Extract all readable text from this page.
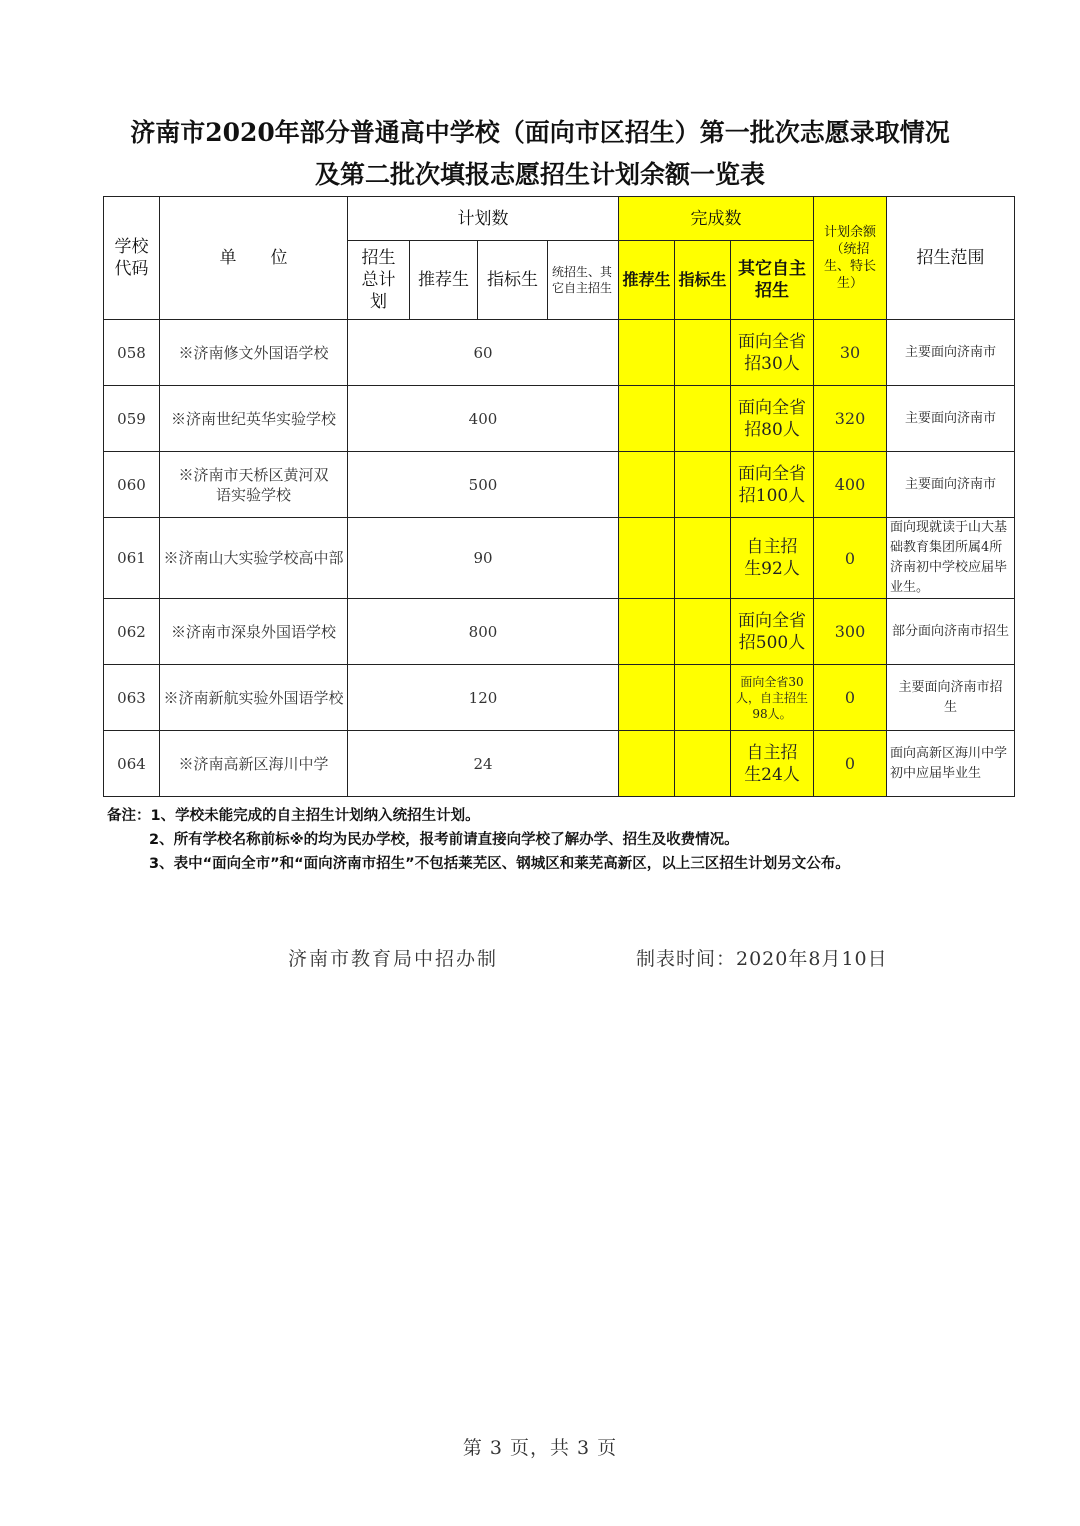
济南市2020年部分普通高中学校（面向市区招生）第一批次志愿录取情况
及第二批次填报志愿招生计划余额一览表
学校代码	单　　位	计划数				完成数			计划余额（统招生、特长生）	招生范围
		招生总计划	推荐生	指标生	统招生、其它自主招生	推荐生	指标生	其它自主招生		
058	※济南修文外国语学校	60						面向全省招30人	30	主要面向济南市
059	※济南世纪英华实验学校	400						面向全省招80人	320	主要面向济南市
060	※济南市天桥区黄河双语实验学校	500						面向全省招100人	400	主要面向济南市
061	※济南山大实验学校高中部	90						自主招生92人	0	面向现就读于山大基础教育集团所属4所济南初中学校应届毕业生。
062	※济南市深泉外国语学校	800						面向全省招500人	300	部分面向济南市招生
063	※济南新航实验外国语学校	120						面向全省30人，自主招生98人。	0	主要面向济南市招生
064	※济南高新区海川中学	24						自主招生24人	0	面向高新区海川中学初中应届毕业生
备注：1、学校未能完成的自主招生计划纳入统招生计划。
2、所有学校名称前标※的均为民办学校，报考前请直接向学校了解办学、招生及收费情况。
3、表中“面向全市”和“面向济南市招生”不包括莱芜区、钢城区和莱芜高新区，以上三区招生计划另文公布。
济南市教育局中招办制	制表时间：2020年8月10日
第 3 页，共 3 页
